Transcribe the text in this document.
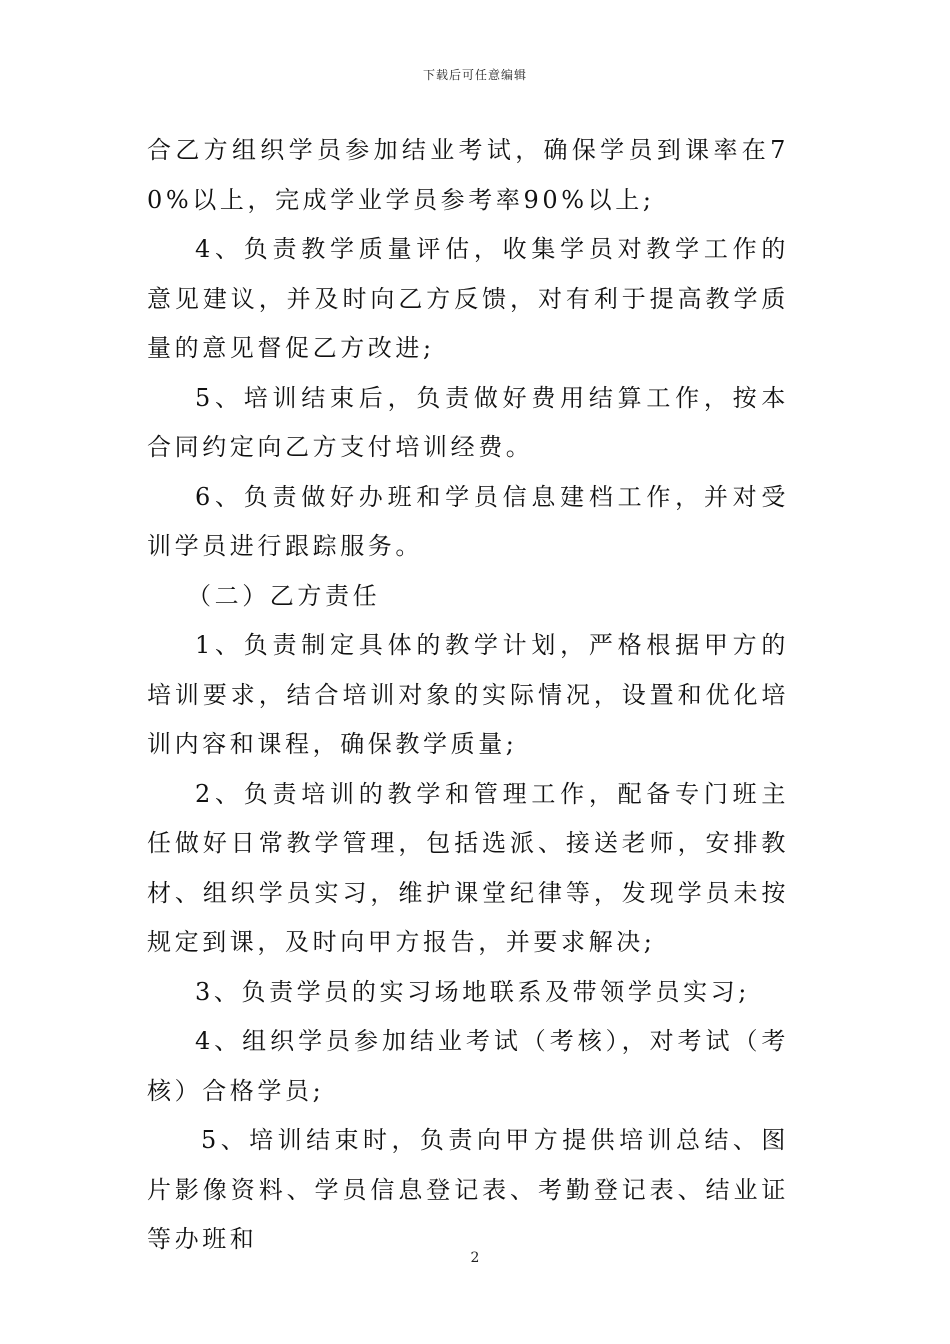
下载后可任意编辑

合乙方组织学员参加结业考试，确保学员到课率在70%以上，完成学业学员参考率90%以上;

4、负责教学质量评估，收集学员对教学工作的意见建议，并及时向乙方反馈，对有利于提高教学质量的意见督促乙方改进;

5、培训结束后，负责做好费用结算工作，按本合同约定向乙方支付培训经费。

6、负责做好办班和学员信息建档工作，并对受训学员进行跟踪服务。

（二）乙方责任

1、负责制定具体的教学计划，严格根据甲方的培训要求，结合培训对象的实际情况，设置和优化培训内容和课程，确保教学质量;

2、负责培训的教学和管理工作，配备专门班主任做好日常教学管理，包括选派、接送老师，安排教材、组织学员实习，维护课堂纪律等，发现学员未按规定到课，及时向甲方报告，并要求解决;

3、负责学员的实习场地联系及带领学员实习;

4、组织学员参加结业考试（考核），对考试（考核）合格学员;

5、培训结束时，负责向甲方提供培训总结、图片影像资料、学员信息登记表、考勤登记表、结业证等办班和

2
